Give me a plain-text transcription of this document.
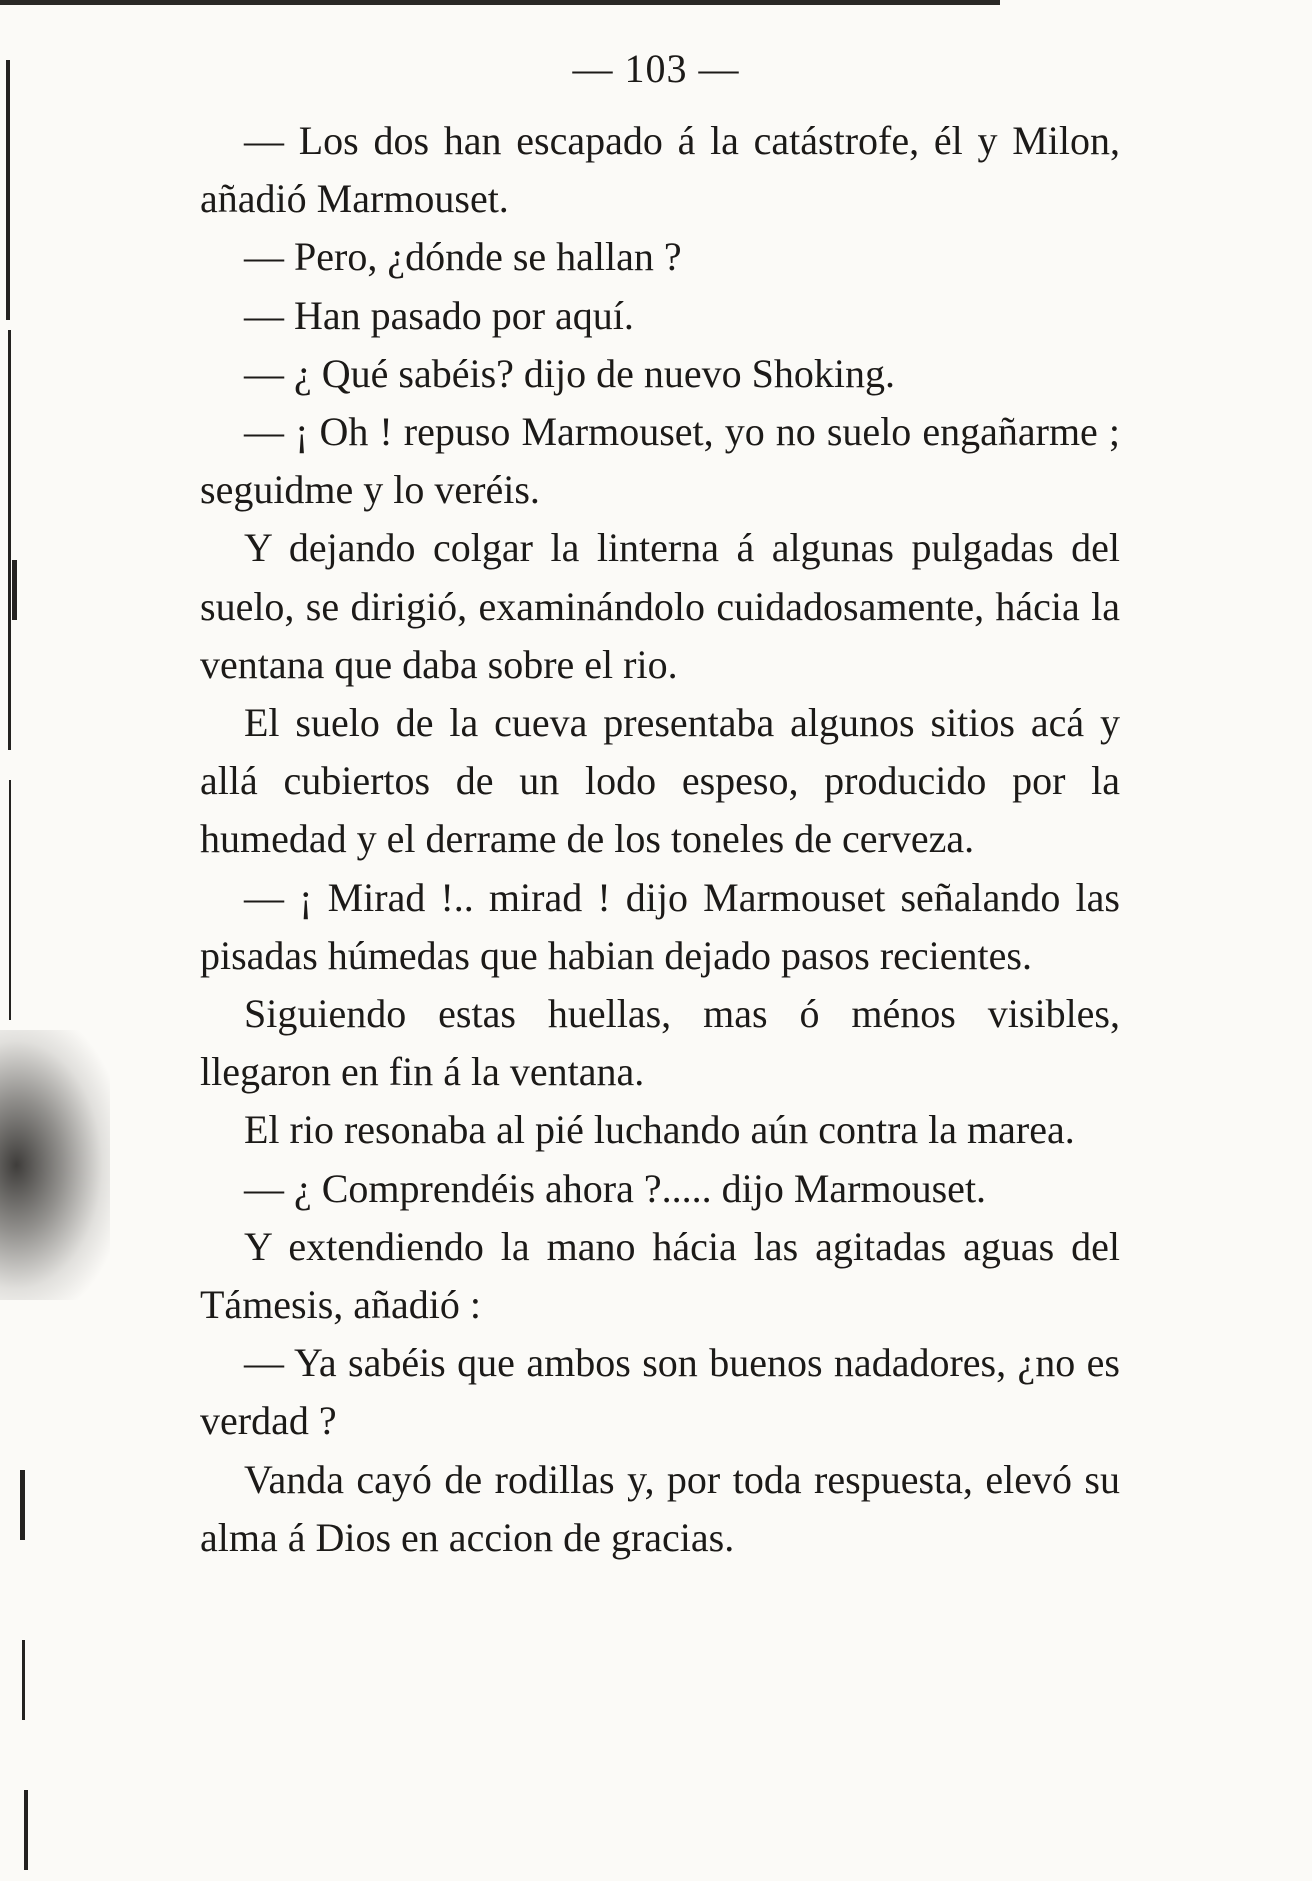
— 103 —

— Los dos han escapado á la catástrofe, él y Milon, añadió Marmouset.

— Pero, ¿dónde se hallan ?

— Han pasado por aquí.

— ¿ Qué sabéis? dijo de nuevo Shoking.

— ¡ Oh ! repuso Marmouset, yo no suelo engañarme ; seguidme y lo veréis.

Y dejando colgar la linterna á algunas pulgadas del suelo, se dirigió, examinándolo cuidadosamente, hácia la ventana que daba sobre el rio.

El suelo de la cueva presentaba algunos sitios acá y allá cubiertos de un lodo espeso, producido por la humedad y el derrame de los toneles de cerveza.

— ¡ Mirad !.. mirad ! dijo Marmouset señalando las pisadas húmedas que habian dejado pasos recientes.

Siguiendo estas huellas, mas ó ménos visibles, llegaron en fin á la ventana.

El rio resonaba al pié luchando aún contra la marea.

— ¿ Comprendéis ahora ?..... dijo Marmouset.

Y extendiendo la mano hácia las agitadas aguas del Támesis, añadió :

— Ya sabéis que ambos son buenos nadadores, ¿no es verdad ?

Vanda cayó de rodillas y, por toda respuesta, elevó su alma á Dios en accion de gracias.
